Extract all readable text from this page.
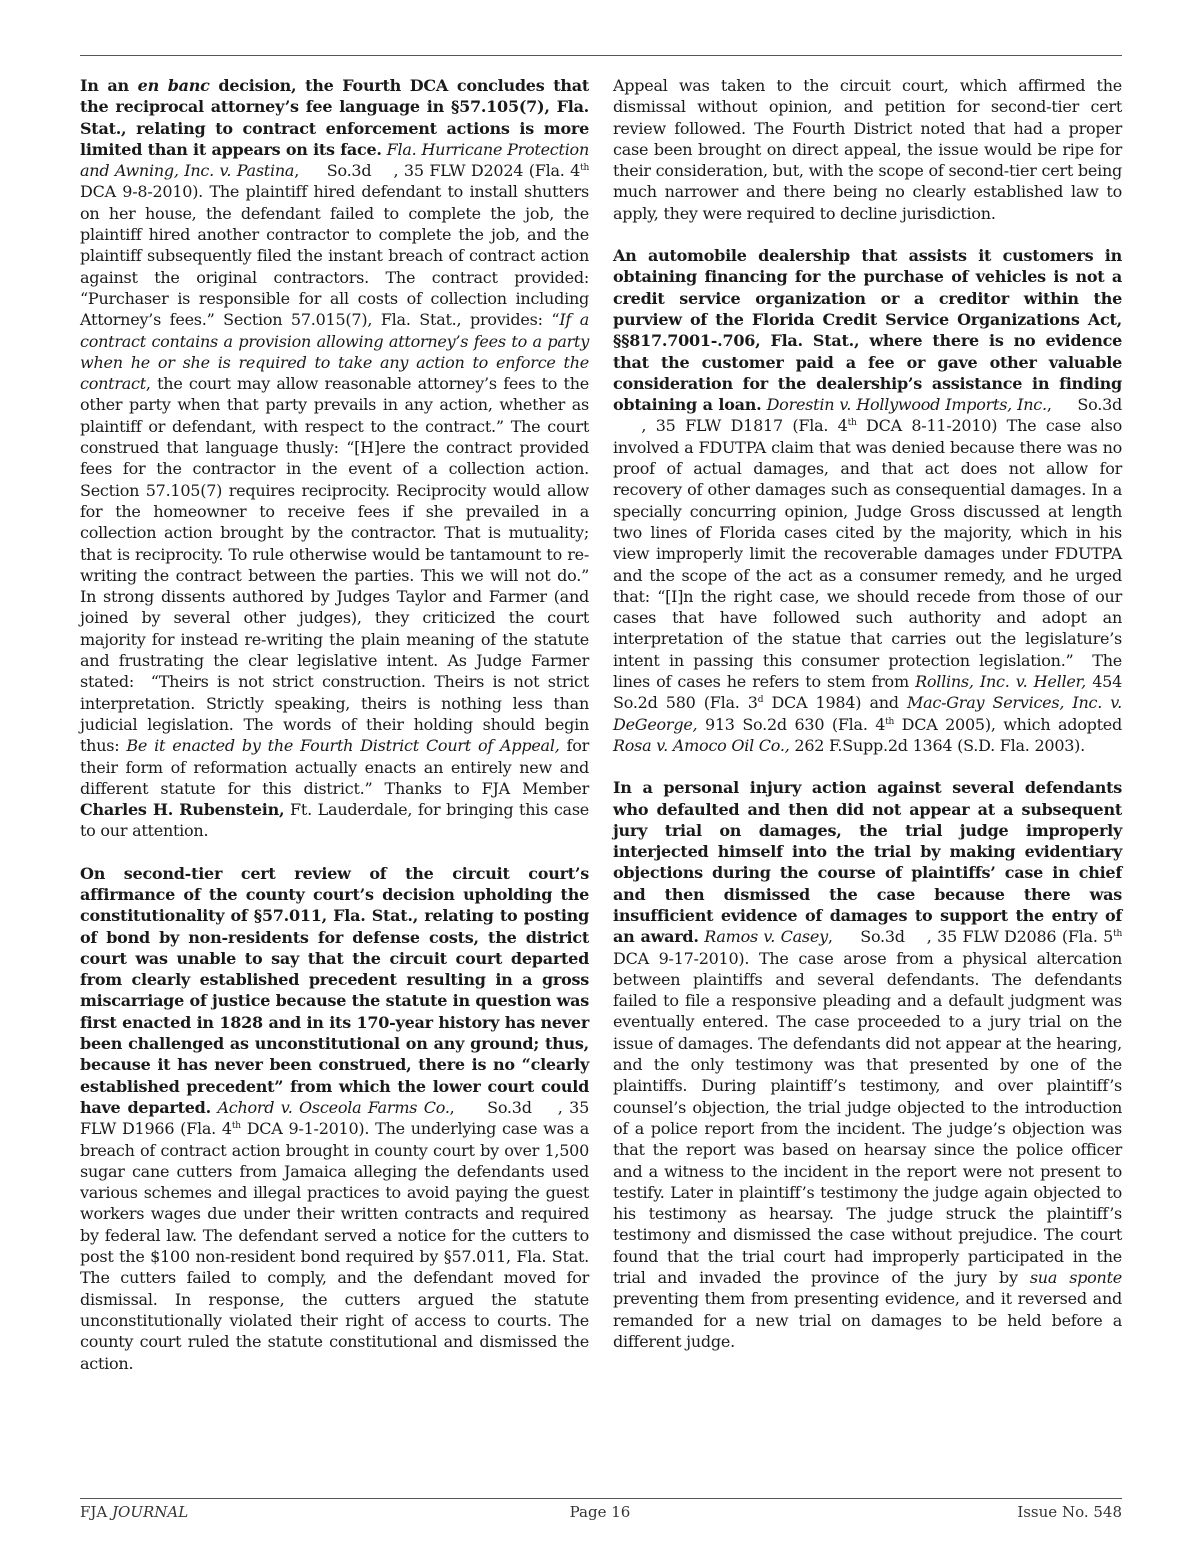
In an en banc decision, the Fourth DCA concludes that the reciprocal attorney’s fee language in §57.105(7), Fla. Stat., relating to contract enforcement actions is more limited than it appears on its face. Fla. Hurricane Protection and Awning, Inc. v. Pastina,     So.3d    , 35 FLW D2024 (Fla. 4th DCA 9-8-2010). The plaintiff hired defendant to install shutters on her house, the defendant failed to complete the job, the plaintiff hired another contractor to complete the job, and the plaintiff subsequently filed the instant breach of contract action against the original contractors. The contract provided: “Purchaser is responsible for all costs of collection including Attorney’s fees.” Section 57.015(7), Fla. Stat., provides: “If a contract contains a provision allowing attorney’s fees to a party when he or she is required to take any action to enforce the contract, the court may allow reasonable attorney’s fees to the other party when that party prevails in any action, whether as plaintiff or defendant, with respect to the contract.” The court construed that language thusly: “[H]ere the contract provided fees for the contractor in the event of a collection action. Section 57.105(7) requires reciprocity. Reciprocity would allow for the homeowner to receive fees if she prevailed in a collection action brought by the contractor. That is mutuality; that is reciprocity. To rule otherwise would be tantamount to re-writing the contract between the parties. This we will not do.” In strong dissents authored by Judges Taylor and Farmer (and joined by several other judges), they criticized the court majority for instead re-writing the plain meaning of the statute and frustrating the clear legislative intent. As Judge Farmer stated:  “Theirs is not strict construction. Theirs is not strict interpretation. Strictly speaking, theirs is nothing less than judicial legislation. The words of their holding should begin thus: Be it enacted by the Fourth District Court of Appeal, for their form of reformation actually enacts an entirely new and different statute for this district.” Thanks to FJA Member Charles H. Rubenstein, Ft. Lauderdale, for bringing this case to our attention.

On second-tier cert review of the circuit court’s affirmance of the county court’s decision upholding the constitutionality of §57.011, Fla. Stat., relating to posting of bond by non-residents for defense costs, the district court was unable to say that the circuit court departed from clearly established precedent resulting in a gross miscarriage of justice because the statute in question was first enacted in 1828 and in its 170-year history has never been challenged as unconstitutional on any ground; thus, because it has never been construed, there is no “clearly established precedent” from which the lower court could have departed. Achord v. Osceola Farms Co.,     So.3d    , 35 FLW D1966 (Fla. 4th DCA 9-1-2010). The underlying case was a breach of contract action brought in county court by over 1,500 sugar cane cutters from Jamaica alleging the defendants used various schemes and illegal practices to avoid paying the guest workers wages due under their written contracts and required by federal law. The defendant served a notice for the cutters to post the $100 non-resident bond required by §57.011, Fla. Stat. The cutters failed to comply, and the defendant moved for dismissal. In response, the cutters argued the statute unconstitutionally violated their right of access to courts. The county court ruled the statute constitutional and dismissed the action.

Appeal was taken to the circuit court, which affirmed the dismissal without opinion, and petition for second-tier cert review followed. The Fourth District noted that had a proper case been brought on direct appeal, the issue would be ripe for their consideration, but, with the scope of second-tier cert being much narrower and there being no clearly established law to apply, they were required to decline jurisdiction.

An automobile dealership that assists it customers in obtaining financing for the purchase of vehicles is not a credit service organization or a creditor within the purview of the Florida Credit Service Organizations Act, §§817.7001-.706, Fla. Stat., where there is no evidence that the customer paid a fee or gave other valuable consideration for the dealership’s assistance in finding obtaining a loan. Dorestin v. Hollywood Imports, Inc.,     So.3d    , 35 FLW D1817 (Fla. 4th DCA 8-11-2010) The case also involved a FDUTPA claim that was denied because there was no proof of actual damages, and that act does not allow for recovery of other damages such as consequential damages. In a specially concurring opinion, Judge Gross discussed at length two lines of Florida cases cited by the majority, which in his view improperly limit the recoverable damages under FDUTPA and the scope of the act as a consumer remedy, and he urged that: “[I]n the right case, we should recede from those of our cases that have followed such authority and adopt an interpretation of the statue that carries out the legislature’s intent in passing this consumer protection legislation.”  The lines of cases he refers to stem from Rollins, Inc. v. Heller, 454 So.2d 580 (Fla. 3$^d$ DCA 1984) and Mac-Gray Services, Inc. v. DeGeorge, 913 So.2d 630 (Fla. 4th DCA 2005), which adopted Rosa v. Amoco Oil Co., 262 F.Supp.2d 1364 (S.D. Fla. 2003).

In a personal injury action against several defendants who defaulted and then did not appear at a subsequent jury trial on damages, the trial judge improperly interjected himself into the trial by making evidentiary objections during the course of plaintiffs’ case in chief and then dismissed the case because there was insufficient evidence of damages to support the entry of an award. Ramos v. Casey,     So.3d    , 35 FLW D2086 (Fla. 5th DCA 9-17-2010). The case arose from a physical altercation between plaintiffs and several defendants. The defendants failed to file a responsive pleading and a default judgment was eventually entered. The case proceeded to a jury trial on the issue of damages. The defendants did not appear at the hearing, and the only testimony was that presented by one of the plaintiffs. During plaintiff’s testimony, and over plaintiff’s counsel’s objection, the trial judge objected to the introduction of a police report from the incident. The judge’s objection was that the report was based on hearsay since the police officer and a witness to the incident in the report were not present to testify. Later in plaintiff’s testimony the judge again objected to his testimony as hearsay. The judge struck the plaintiff’s testimony and dismissed the case without prejudice. The court found that the trial court had improperly participated in the trial and invaded the province of the jury by sua sponte preventing them from presenting evidence, and it reversed and remanded for a new trial on damages to be held before a different judge.

FJA JOURNAL	Page 16	Issue No. 548
